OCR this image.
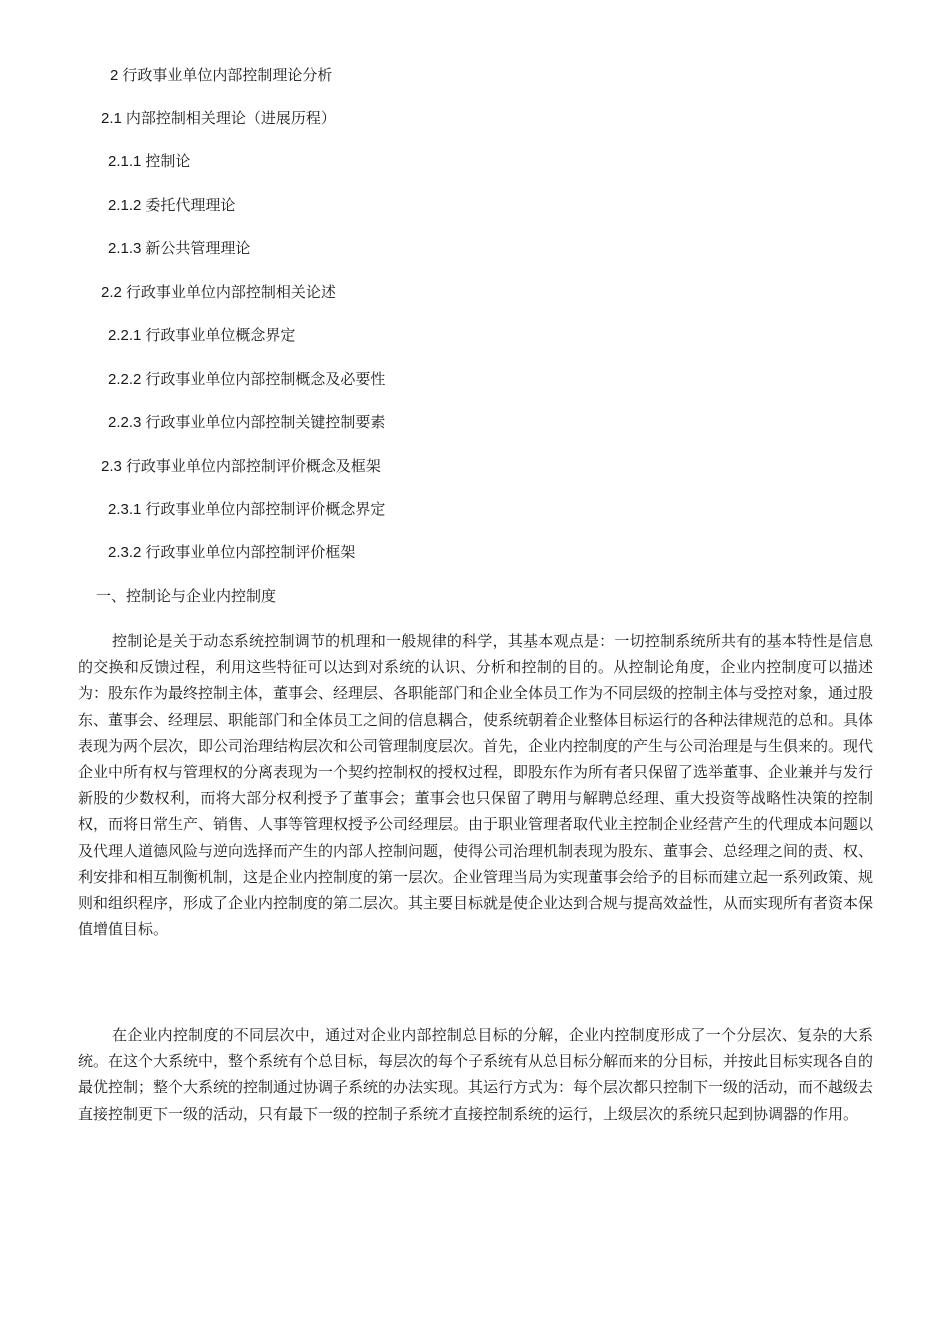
2 行政事业单位内部控制理论分析
2.1 内部控制相关理论（进展历程）
2.1.1 控制论
2.1.2 委托代理理论
2.1.3 新公共管理理论
2.2 行政事业单位内部控制相关论述
2.2.1 行政事业单位概念界定
2.2.2 行政事业单位内部控制概念及必要性
2.2.3 行政事业单位内部控制关键控制要素
2.3 行政事业单位内部控制评价概念及框架
2.3.1 行政事业单位内部控制评价概念界定
2.3.2 行政事业单位内部控制评价框架
一、控制论与企业内控制度

控制论是关于动态系统控制调节的机理和一般规律的科学，其基本观点是：一切控制系统所共有的基本特性是信息的交换和反馈过程，利用这些特征可以达到对系统的认识、分析和控制的目的。从控制论角度，企业内控制度可以描述为：股东作为最终控制主体，董事会、经理层、各职能部门和企业全体员工作为不同层级的控制主体与受控对象，通过股东、董事会、经理层、职能部门和全体员工之间的信息耦合，使系统朝着企业整体目标运行的各种法律规范的总和。具体表现为两个层次，即公司治理结构层次和公司管理制度层次。首先，企业内控制度的产生与公司治理是与生俱来的。现代企业中所有权与管理权的分离表现为一个契约控制权的授权过程，即股东作为所有者只保留了选举董事、企业兼并与发行新股的少数权利，而将大部分权利授予了董事会；董事会也只保留了聘用与解聘总经理、重大投资等战略性决策的控制权，而将日常生产、销售、人事等管理权授予公司经理层。由于职业管理者取代业主控制企业经营产生的代理成本问题以及代理人道德风险与逆向选择而产生的内部人控制问题，使得公司治理机制表现为股东、董事会、总经理之间的责、权、利安排和相互制衡机制，这是企业内控制度的第一层次。企业管理当局为实现董事会给予的目标而建立起一系列政策、规则和组织程序，形成了企业内控制度的第二层次。其主要目标就是使企业达到合规与提高效益性，从而实现所有者资本保值增值目标。

在企业内控制度的不同层次中，通过对企业内部控制总目标的分解，企业内控制度形成了一个分层次、复杂的大系统。在这个大系统中，整个系统有个总目标，每层次的每个子系统有从总目标分解而来的分目标，并按此目标实现各自的最优控制；整个大系统的控制通过协调子系统的办法实现。其运行方式为：每个层次都只控制下一级的活动，而不越级去直接控制更下一级的活动，只有最下一级的控制子系统才直接控制系统的运行，上级层次的系统只起到协调器的作用。
